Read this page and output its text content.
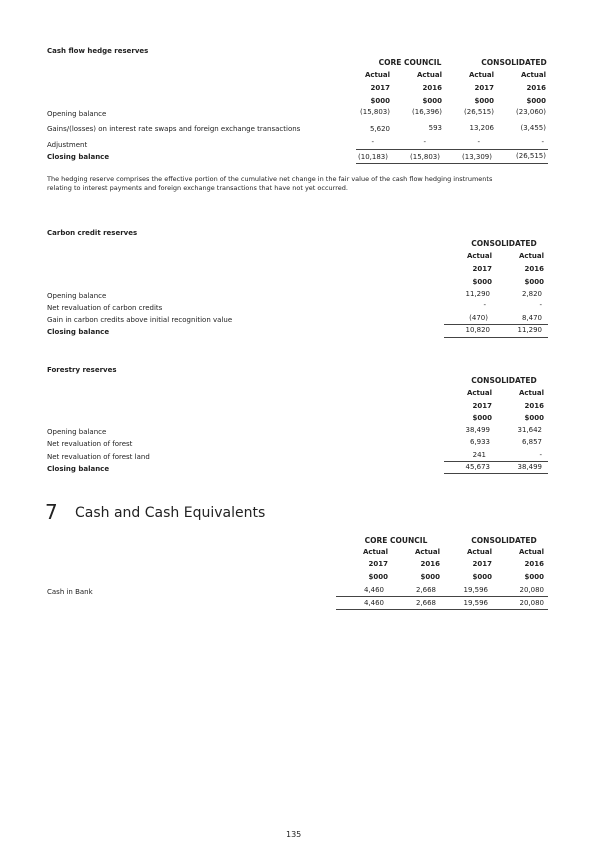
Cash flow hedge reserves
CORE COUNCIL	CONSOLIDATED
Actual	Actual	Actual	Actual
2017	2016	2017	2016
$000	$000	$000	$000
Opening balance	(15,803)	(16,396)	(26,515)	(23,060)
Gains/(losses) on interest rate swaps and foreign exchange transactions	5,620	593	13,206	(3,455)
Adjustment	-	-	-	-
Closing balance	(10,183)	(15,803)	(13,309)	(26,515)
The hedging reserve comprises the effective portion of the cumulative net change in the fair value of the cash flow hedging instruments relating to interest payments and foreign exchange transactions that have not yet occurred.
Carbon credit reserves
CONSOLIDATED
Actual	Actual
2017	2016
$000	$000
Opening balance	11,290	2,820
Net revaluation of carbon credits	-	-
Gain in carbon credits above initial recognition value	(470)	8,470
Closing balance	10,820	11,290
Forestry reserves
CONSOLIDATED
Actual	Actual
2017	2016
$000	$000
Opening balance	38,499	31,642
Net revaluation of forest	6,933	6,857
Net revaluation of forest land	241	-
Closing balance	45,673	38,499
7 Cash and Cash Equivalents
CORE COUNCIL	CONSOLIDATED
Actual	Actual	Actual	Actual
2017	2016	2017	2016
$000	$000	$000	$000
Cash in Bank	4,460	2,668	19,596	20,080
4,460	2,668	19,596	20,080
135
